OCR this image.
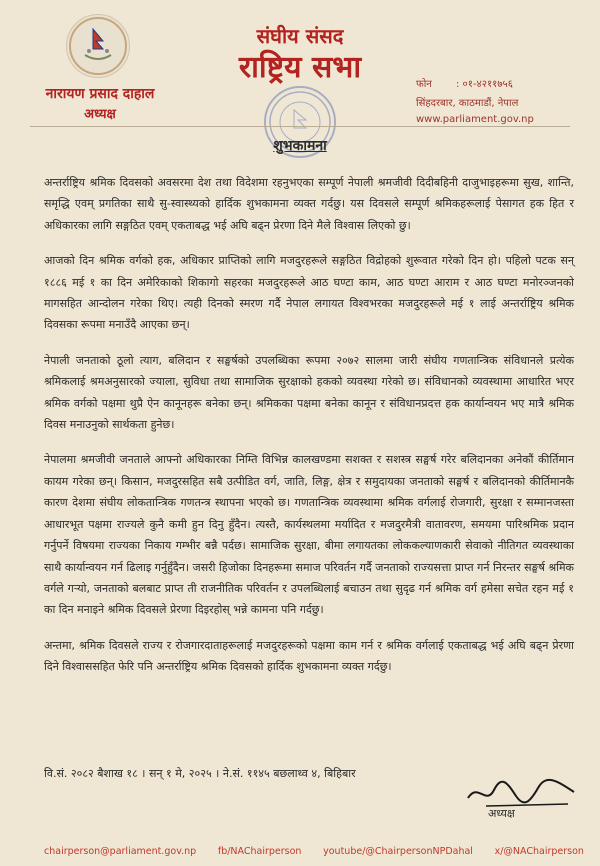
नारायण प्रसाद दाहाल
अध्यक्ष
संघीय संसद
राष्ट्रिय सभा	फोन	: ०१-४२११७५६
सिंहदरबार, काठमाडौं, नेपाल
www.parliament.gov.np
शुभकामना

अन्तर्राष्ट्रिय श्रमिक दिवसको अवसरमा देश तथा विदेशमा रहनुभएका सम्पूर्ण नेपाली श्रमजीवी दिदीबहिनी दाजुभाइहरूमा सुख, शान्ति, समृद्धि एवम् प्रगतिका साथै सु-स्वास्थ्यको हार्दिक शुभकामना व्यक्त गर्दछु। यस दिवसले सम्पूर्ण श्रमिकहरूलाई पेसागत हक हित र अधिकारका लागि सङ्गठित एवम् एकताबद्ध भई अघि बढ्न प्रेरणा दिने मैले विश्वास लिएको छु।

आजको दिन श्रमिक वर्गको हक, अधिकार प्राप्तिको लागि मजदुरहरूले सङ्गठित विद्रोहको शुरूवात गरेको दिन हो। पहिलो पटक सन् १८८६ मई १ का दिन अमेरिकाको शिकागो सहरका मजदुरहरूले आठ घण्टा काम, आठ घण्टा आराम र आठ घण्टा मनोरञ्जनको मागसहित आन्दोलन गरेका थिए। त्यही दिनको स्मरण गर्दै नेपाल लगायत विश्वभरका मजदुरहरूले मई १ लाई अन्तर्राष्ट्रिय श्रमिक दिवसका रूपमा मनाउँदै आएका छन्।

नेपाली जनताको ठूलो त्याग, बलिदान र सङ्घर्षको उपलब्धिका रूपमा २०७२ सालमा जारी संघीय गणतान्त्रिक संविधानले प्रत्येक श्रमिकलाई श्रमअनुसारको ज्याला, सुविधा तथा सामाजिक सुरक्षाको हकको व्यवस्था गरेको छ। संविधानको व्यवस्थामा आधारित भएर श्रमिक वर्गको पक्षमा थुप्रै ऐन कानूनहरू बनेका छन्। श्रमिकका पक्षमा बनेका कानून र संविधानप्रदत्त हक कार्यान्वयन भए मात्रै श्रमिक दिवस मनाउनुको सार्थकता हुनेछ।

नेपालमा श्रमजीवी जनताले आफ्नो अधिकारका निम्ति विभिन्न कालखण्डमा सशक्त र सशस्त्र सङ्घर्ष गरेर बलिदानका अनेकौं कीर्तिमान कायम गरेका छन्। किसान, मजदुरसहित सबै उत्पीडित वर्ग, जाति, लिङ्ग, क्षेत्र र समुदायका जनताको सङ्घर्ष र बलिदानको कीर्तिमानकै कारण देशमा संघीय लोकतान्त्रिक गणतन्त्र स्थापना भएको छ। गणतान्त्रिक व्यवस्थामा श्रमिक वर्गलाई रोजगारी, सुरक्षा र सम्मानजस्ता आधारभूत पक्षमा राज्यले कुनै कमी हुन दिनु हुँदैन। त्यस्तै, कार्यस्थलमा मर्यादित र मजदुरमैत्री वातावरण, समयमा पारिश्रमिक प्रदान गर्नुपर्ने विषयमा राज्यका निकाय गम्भीर बन्नै पर्दछ। सामाजिक सुरक्षा, बीमा लगायतका लोककल्याणकारी सेवाको नीतिगत व्यवस्थाका साथै कार्यान्वयन गर्न ढिलाइ गर्नुहुँदैन। जसरी हिजोका दिनहरूमा समाज परिवर्तन गर्दै जनताको राज्यसत्ता प्राप्त गर्न निरन्तर सङ्घर्ष श्रमिक वर्गले गऱ्यो, जनताको बलबाट प्राप्त ती राजनीतिक परिवर्तन र उपलब्धिलाई बचाउन तथा सुदृढ गर्न श्रमिक वर्ग हमेसा सचेत रहन मई १ का दिन मनाइने श्रमिक दिवसले प्रेरणा दिइरहोस् भन्ने कामना पनि गर्दछु।

अन्तमा, श्रमिक दिवसले राज्य र रोजगारदाताहरूलाई मजदुरहरूको पक्षमा काम गर्न र श्रमिक वर्गलाई एकताबद्ध भई अघि बढ्न प्रेरणा दिने विश्वाससहित फेरि पनि अन्तर्राष्ट्रिय श्रमिक दिवसको हार्दिक शुभकामना व्यक्त गर्दछु।

वि.सं. २०८२ बैशाख १८ । सन् १ मे, २०२५ । ने.सं. ११४५ बछलाथ्व ४, बिहिबार
अध्यक्ष
chairperson@parliament.gov.np fb/NAChairperson youtube/@ChairpersonNPDahal x/@NAChairperson
